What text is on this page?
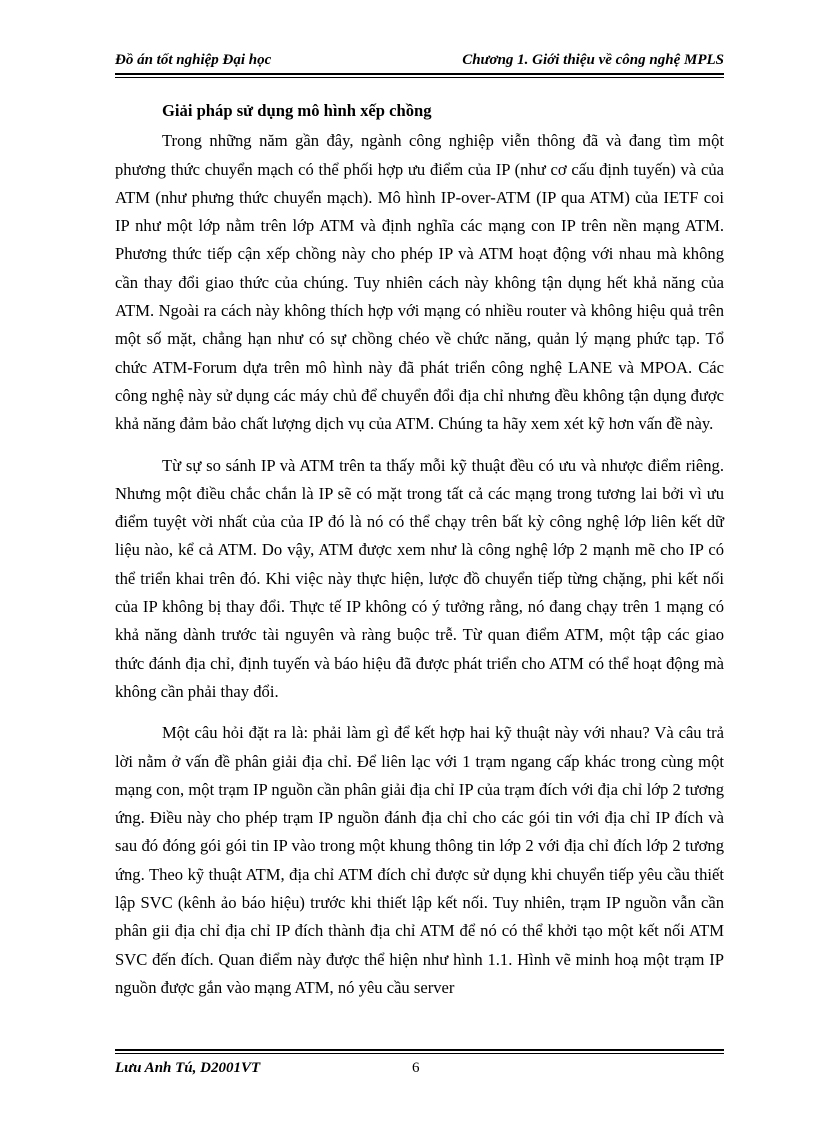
Đồ án tốt nghiệp Đại học	Chương 1. Giới thiệu về công nghệ MPLS
Giải pháp sử dụng mô hình xếp chồng

Trong những năm gần đây, ngành công nghiệp viễn thông đã và đang tìm một phương thức chuyển mạch có thể phối hợp ưu điểm của IP (như cơ cấu định tuyến) và của ATM (như phưng thức chuyển mạch). Mô hình IP-over-ATM (IP qua ATM) của IETF coi IP như một lớp nằm trên lớp ATM và định nghĩa các mạng con IP trên nền mạng ATM. Phương thức tiếp cận xếp chồng này cho phép IP và ATM hoạt động với nhau mà không cần thay đổi giao thức của chúng. Tuy nhiên cách này không tận dụng hết khả năng của ATM. Ngoài ra cách này không thích hợp với mạng có nhiều router và không hiệu quả trên một số mặt, chẳng hạn như có sự chồng chéo về chức năng, quản lý mạng phức tạp. Tổ chức ATM-Forum dựa trên mô hình này đã phát triển công nghệ LANE và MPOA. Các công nghệ này sử dụng các máy chủ để chuyển đổi địa chỉ nhưng đều không tận dụng được khả năng đảm bảo chất lượng dịch vụ của ATM. Chúng ta hãy xem xét kỹ hơn vấn đề này.

Từ sự so sánh IP và ATM trên ta thấy mỗi kỹ thuật đều có ưu và nhược điểm riêng. Nhưng một điều chắc chắn là IP sẽ có mặt trong tất cả các mạng trong tương lai bởi vì ưu điểm tuyệt vời nhất của của IP đó là nó có thể chạy trên bất kỳ công nghệ lớp liên kết dữ liệu nào, kể cả ATM. Do vậy, ATM được xem như là công nghệ lớp 2 mạnh mẽ cho IP có thể triển khai trên đó. Khi việc này thực hiện, lược đồ chuyển tiếp từng chặng, phi kết nối của IP không bị thay đổi. Thực tế IP không có ý tưởng rằng, nó đang chạy trên 1 mạng có khả năng dành trước tài nguyên và ràng buộc trễ. Từ quan điểm ATM, một tập các giao thức đánh địa chỉ, định tuyến và báo hiệu đã được phát triển cho ATM có thể hoạt động mà không cần phải thay đổi.

Một câu hỏi đặt ra là: phải làm gì để kết hợp hai kỹ thuật này với nhau? Và câu trả lời nằm ở vấn đề phân giải địa chỉ. Để liên lạc với 1 trạm ngang cấp khác trong cùng một mạng con, một trạm IP nguồn cần phân giải địa chỉ IP của trạm đích với địa chỉ lớp 2 tương ứng. Điều này cho phép trạm IP nguồn đánh địa chỉ cho các gói tin với địa chỉ IP đích và sau đó đóng gói gói tin IP vào trong một khung thông tin lớp 2 với địa chỉ đích lớp 2 tương ứng. Theo kỹ thuật ATM, địa chỉ ATM đích chỉ được sử dụng khi chuyển tiếp yêu cầu thiết lập SVC (kênh ảo báo hiệu) trước khi thiết lập kết nối. Tuy nhiên, trạm IP nguồn vẫn cần phân gii địa chỉ địa chỉ IP đích thành địa chỉ ATM để nó có thể khởi tạo một kết nối ATM SVC đến đích. Quan điểm này được thể hiện như hình 1.1. Hình vẽ minh hoạ một trạm IP nguồn được gắn vào mạng ATM, nó yêu cầu server

Lưu Anh Tú, D2001VT	6
